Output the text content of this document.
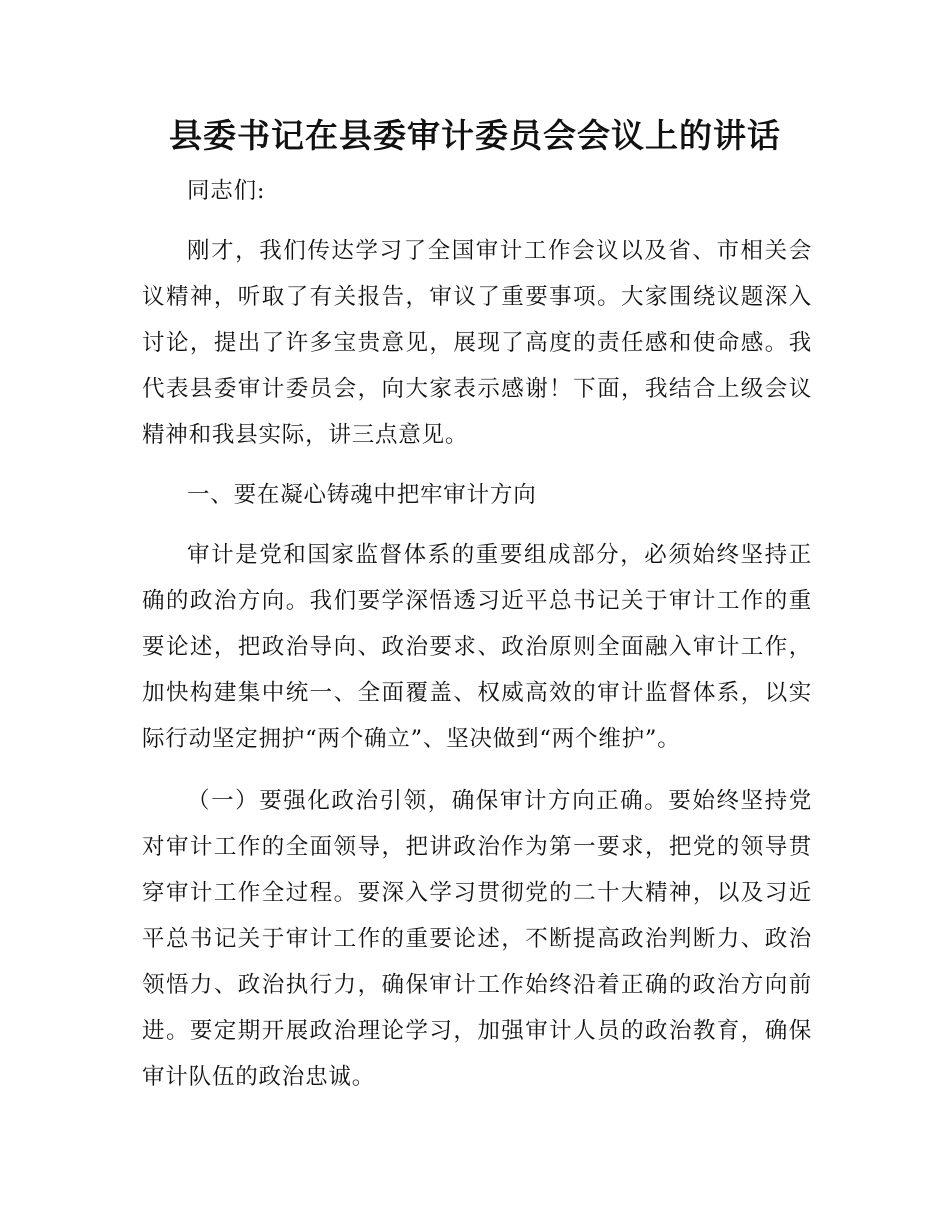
县委书记在县委审计委员会会议上的讲话

同志们:

刚才，我们传达学习了全国审计工作会议以及省、市相关会议精神，听取了有关报告，审议了重要事项。大家围绕议题深入讨论，提出了许多宝贵意见，展现了高度的责任感和使命感。我代表县委审计委员会，向大家表示感谢！下面，我结合上级会议精神和我县实际，讲三点意见。

一、要在凝心铸魂中把牢审计方向

审计是党和国家监督体系的重要组成部分，必须始终坚持正确的政治方向。我们要学深悟透习近平总书记关于审计工作的重要论述，把政治导向、政治要求、政治原则全面融入审计工作，加快构建集中统一、全面覆盖、权威高效的审计监督体系，以实际行动坚定拥护“两个确立”、坚决做到“两个维护”。

（一）要强化政治引领，确保审计方向正确。要始终坚持党对审计工作的全面领导，把讲政治作为第一要求，把党的领导贯穿审计工作全过程。要深入学习贯彻党的二十大精神，以及习近平总书记关于审计工作的重要论述，不断提高政治判断力、政治领悟力、政治执行力，确保审计工作始终沿着正确的政治方向前进。要定期开展政治理论学习，加强审计人员的政治教育，确保审计队伍的政治忠诚。
